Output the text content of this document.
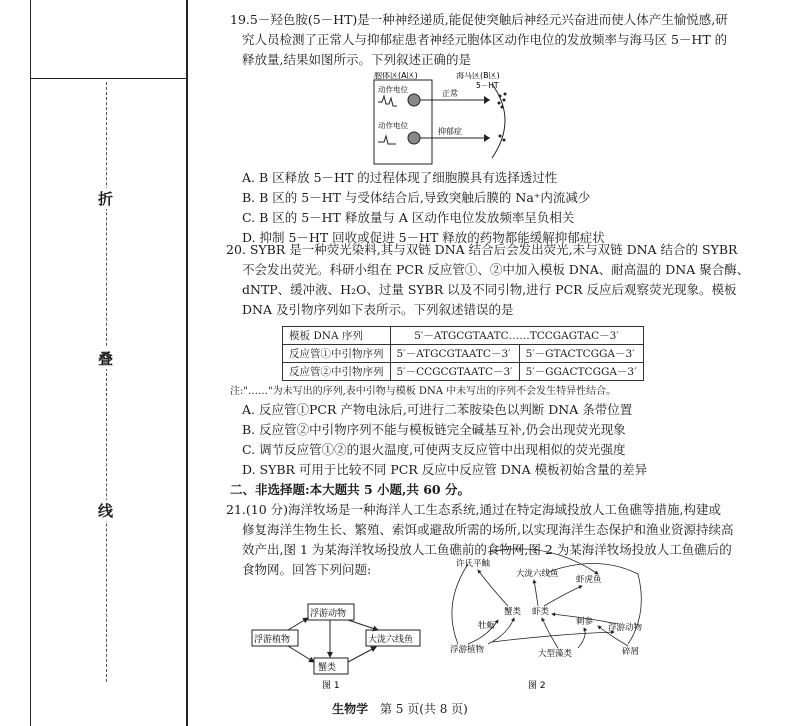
折
叠
线
19.5－羟色胺(5－HT)是一种神经递质,能促使突触后神经元兴奋进而使人体产生愉悦感,研
究人员检测了正常人与抑郁症患者神经元胞体区动作电位的发放频率与海马区 5－HT 的
释放量,结果如图所示。下列叙述正确的是
胞体区(A区)	海马区(B区)
动作电位	正常
动作电位
抑郁症
5－HT
A. B 区释放 5－HT 的过程体现了细胞膜具有选择透过性
B. B 区的 5－HT 与受体结合后,导致突触后膜的 Na⁺内流减少
C. B 区的 5－HT 释放量与 A 区动作电位发放频率呈负相关
D. 抑制 5－HT 回收或促进 5－HT 释放的药物都能缓解抑郁症状
20. SYBR 是一种荧光染料,其与双链 DNA 结合后会发出荧光,未与双链 DNA 结合的 SYBR
不会发出荧光。科研小组在 PCR 反应管①、②中加入模板 DNA、耐高温的 DNA 聚合酶、
dNTP、缓冲液、H₂O、过量 SYBR 以及不同引物,进行 PCR 反应后观察荧光现象。模板
DNA 及引物序列如下表所示。下列叙述错误的是
模板 DNA 序列	5′－ATGCGTAATC……TCCGAGTAC－3′	
反应管①中引物序列	5′－ATGCGTAATC－3′	5′－GTACTCGGA－3′
反应管②中引物序列	5′－CCGCGTAATC－3′	5′－GGACTCGGA－3′
注:"……"为未写出的序列,表中引物与模板 DNA 中未写出的序列不会发生特异性结合。
A. 反应管①PCR 产物电泳后,可进行二苯胺染色以判断 DNA 条带位置
B. 反应管②中引物序列不能与模板链完全碱基互补,仍会出现荧光现象
C. 调节反应管①②的退火温度,可使两支反应管中出现相似的荧光强度
D. SYBR 可用于比较不同 PCR 反应中反应管 DNA 模板初始含量的差异
二、非选择题:本大题共 5 小题,共 60 分。
21.(10 分)海洋牧场是一种海洋人工生态系统,通过在特定海域投放人工鱼礁等措施,构建或
修复海洋生物生长、繁殖、索饵或避敌所需的场所,以实现海洋生态保护和渔业资源持续高
效产出,图 1 为某海洋牧场投放人工鱼礁前的食物网,图 2 为某海洋牧场投放人工鱼礁后的
食物网。回答下列问题:
浮游动物
浮游植物	大泷六线鱼
蟹类
图 1
许氏平鲉
大泷六线鱼
虾虎鱼
蟹类 虾类
刺参
牡蛎	浮游动物
浮游植物	大型藻类	碎屑
图 2
生物学 第 5 页(共 8 页)
